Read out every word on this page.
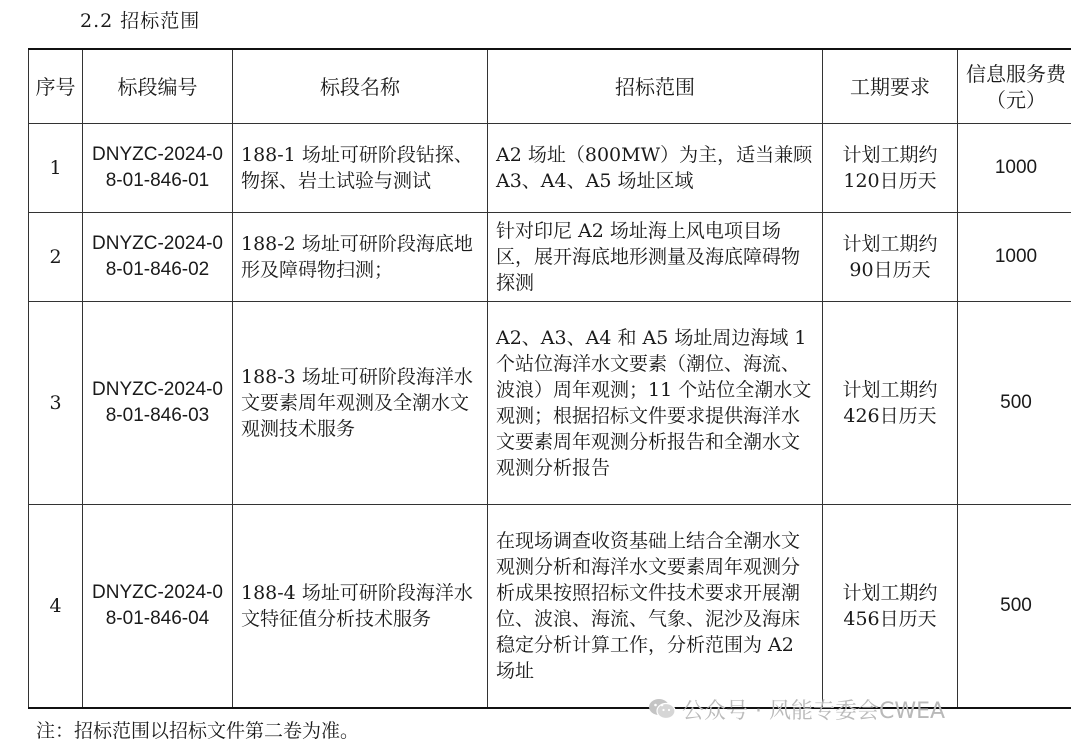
2.2 招标范围
序号	标段编号	标段名称	招标范围	工期要求	信息服务费（元）
1	DNYZC-2024-08-01-846-01	188-1 场址可研阶段钻探、物探、岩土试验与测试	A2 场址（800MW）为主，适当兼顾 A3、A4、A5 场址区域	计划工期约120日历天	1000
2	DNYZC-2024-08-01-846-02	188-2 场址可研阶段海底地形及障碍物扫测；	针对印尼 A2 场址海上风电项目场区，展开海底地形测量及海底障碍物探测	计划工期约90日历天	1000
3	DNYZC-2024-08-01-846-03	188-3 场址可研阶段海洋水文要素周年观测及全潮水文观测技术服务	A2、A3、A4 和 A5 场址周边海域 1 个站位海洋水文要素（潮位、海流、波浪）周年观测；11 个站位全潮水文观测；根据招标文件要求提供海洋水文要素周年观测分析报告和全潮水文观测分析报告	计划工期约426日历天	500
4	DNYZC-2024-08-01-846-04	188-4 场址可研阶段海洋水文特征值分析技术服务	在现场调查收资基础上结合全潮水文观测分析和海洋水文要素周年观测分析成果按照招标文件技术要求开展潮位、波浪、海流、气象、泥沙及海床稳定分析计算工作，分析范围为 A2 场址	计划工期约456日历天	500
公众号 · 风能专委会CWEA
注：招标范围以招标文件第二卷为准。
